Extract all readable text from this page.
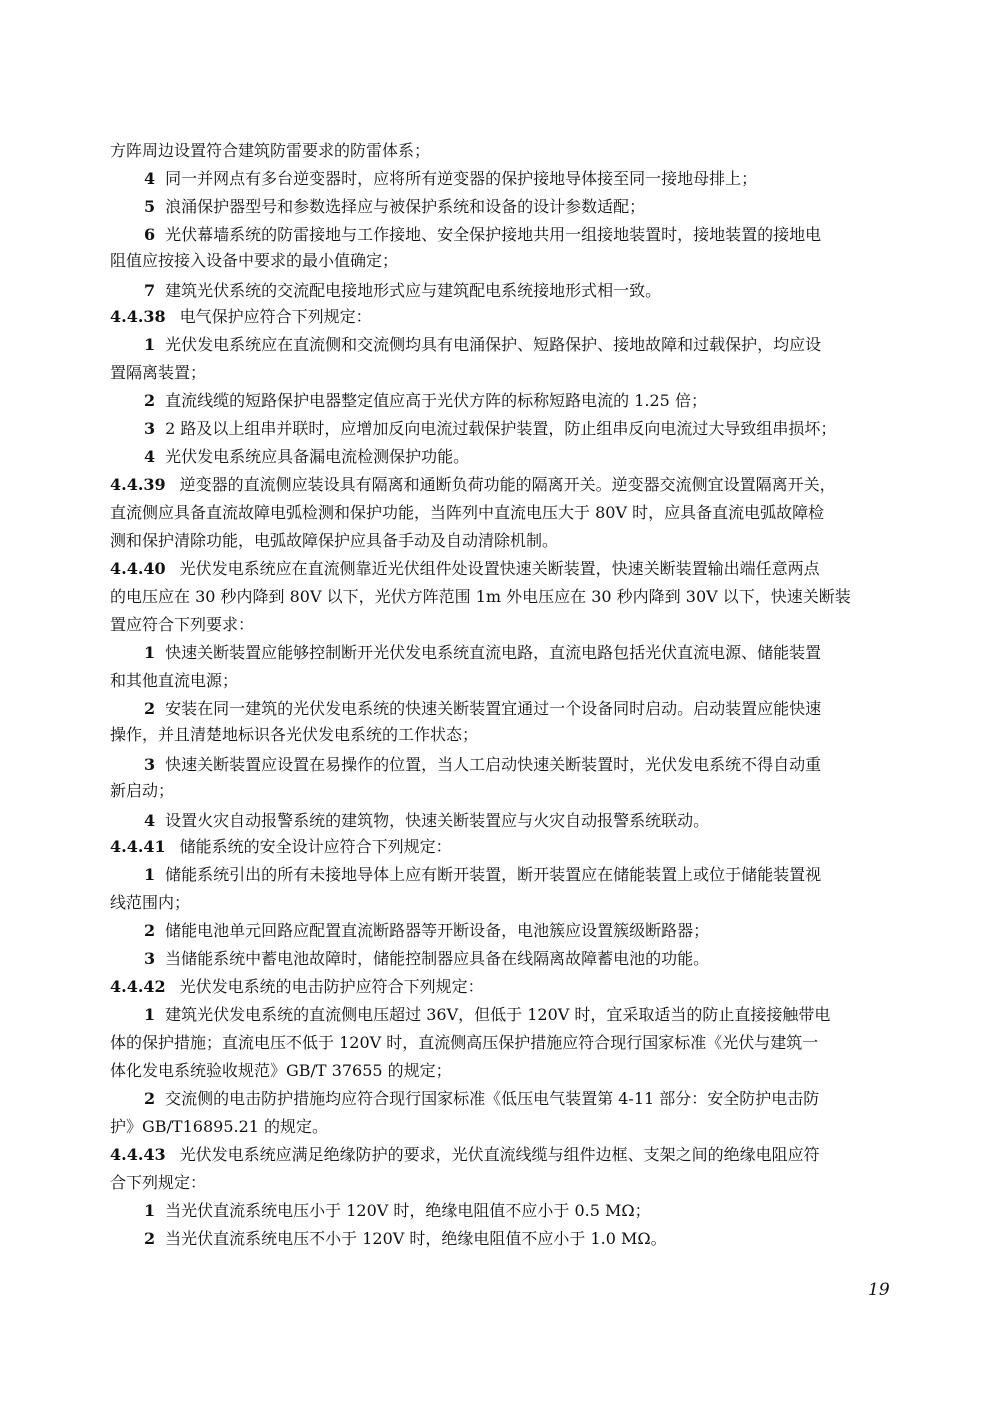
方阵周边设置符合建筑防雷要求的防雷体系；
4 同一并网点有多台逆变器时，应将所有逆变器的保护接地导体接至同一接地母排上；
5 浪涌保护器型号和参数选择应与被保护系统和设备的设计参数适配；
6 光伏幕墙系统的防雷接地与工作接地、安全保护接地共用一组接地装置时，接地装置的接地电
阻值应按接入设备中要求的最小值确定；
7 建筑光伏系统的交流配电接地形式应与建筑配电系统接地形式相一致。
4.4.38 电气保护应符合下列规定：
1 光伏发电系统应在直流侧和交流侧均具有电涌保护、短路保护、接地故障和过载保护，均应设
置隔离装置；
2 直流线缆的短路保护电器整定值应高于光伏方阵的标称短路电流的 1.25 倍；
3 2 路及以上组串并联时，应增加反向电流过载保护装置，防止组串反向电流过大导致组串损坏；
4 光伏发电系统应具备漏电流检测保护功能。
4.4.39 逆变器的直流侧应装设具有隔离和通断负荷功能的隔离开关。逆变器交流侧宜设置隔离开关，
直流侧应具备直流故障电弧检测和保护功能，当阵列中直流电压大于 80V 时，应具备直流电弧故障检
测和保护清除功能，电弧故障保护应具备手动及自动清除机制。
4.4.40 光伏发电系统应在直流侧靠近光伏组件处设置快速关断装置，快速关断装置输出端任意两点
的电压应在 30 秒内降到 80V 以下，光伏方阵范围 1m 外电压应在 30 秒内降到 30V 以下，快速关断装
置应符合下列要求：
1 快速关断装置应能够控制断开光伏发电系统直流电路，直流电路包括光伏直流电源、储能装置
和其他直流电源；
2 安装在同一建筑的光伏发电系统的快速关断装置宜通过一个设备同时启动。启动装置应能快速
操作，并且清楚地标识各光伏发电系统的工作状态；
3 快速关断装置应设置在易操作的位置，当人工启动快速关断装置时，光伏发电系统不得自动重
新启动；
4 设置火灾自动报警系统的建筑物，快速关断装置应与火灾自动报警系统联动。
4.4.41 储能系统的安全设计应符合下列规定：
1 储能系统引出的所有未接地导体上应有断开装置，断开装置应在储能装置上或位于储能装置视
线范围内；
2 储能电池单元回路应配置直流断路器等开断设备，电池簇应设置簇级断路器；
3 当储能系统中蓄电池故障时，储能控制器应具备在线隔离故障蓄电池的功能。
4.4.42 光伏发电系统的电击防护应符合下列规定：
1 建筑光伏发电系统的直流侧电压超过 36V，但低于 120V 时，宜采取适当的防止直接接触带电
体的保护措施；直流电压不低于 120V 时，直流侧高压保护措施应符合现行国家标准《光伏与建筑一
体化发电系统验收规范》GB/T 37655 的规定；
2 交流侧的电击防护措施均应符合现行国家标准《低压电气装置第 4-11 部分：安全防护电击防
护》GB/T16895.21 的规定。
4.4.43 光伏发电系统应满足绝缘防护的要求，光伏直流线缆与组件边框、支架之间的绝缘电阻应符
合下列规定：
1 当光伏直流系统电压小于 120V 时，绝缘电阻值不应小于 0.5 MΩ；
2 当光伏直流系统电压不小于 120V 时，绝缘电阻值不应小于 1.0 MΩ。
19
